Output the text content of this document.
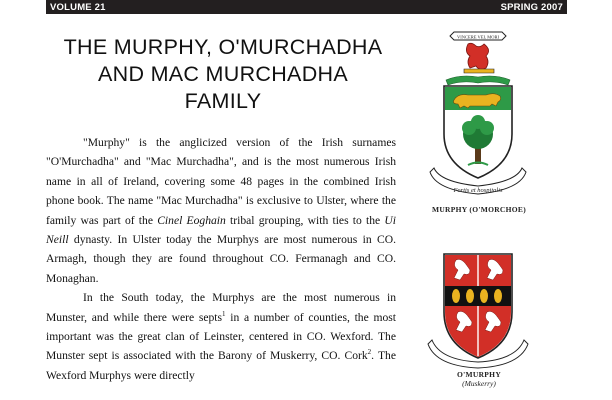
VOLUME 21	SPRING 2007
THE MURPHY, O'MURCHADHA
AND MAC MURCHADHA
FAMILY

"Murphy" is the anglicized version of the Irish surnames "O'Murchadha" and "Mac Murchadha", and is the most numerous Irish name in all of Ireland, covering some 48 pages in the combined Irish phone book. The name "Mac Murchadha" is exclusive to Ulster, where the family was part of the Cinel Eoghain tribal grouping, with ties to the Ui Neill dynasty. In Ulster today the Murphys are most numerous in CO. Armagh, though they are found throughout CO. Fermanagh and CO. Monaghan.

In the South today, the Murphys are the most numerous in Munster, and while there were septs$^1$ in a number of counties, the most important was the great clan of Leinster, centered in CO. Wexford. The Munster sept is associated with the Barony of Muskerry, CO. Cork$^2$. The Wexford Murphys were directly

VINCERE VEL MORI
Fortis et hospitalis
MURPHY (O'MORCHOE)
O'MURPHY
(Muskerry)
